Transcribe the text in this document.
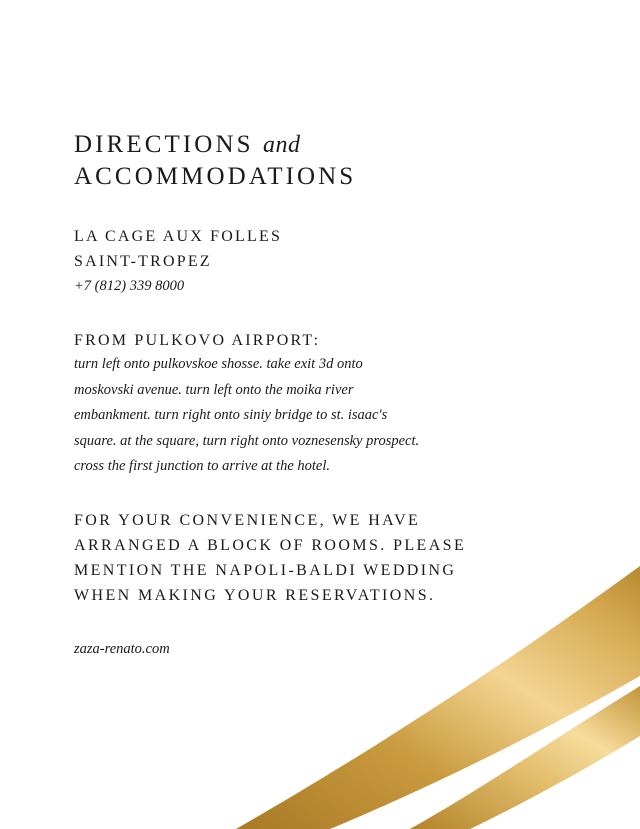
DIRECTIONS and
ACCOMMODATIONS
LA CAGE AUX FOLLES
SAINT-TROPEZ
+7 (812) 339 8000
FROM PULKOVO AIRPORT:
turn left onto pulkovskoe shosse. take exit 3d onto
moskovski avenue. turn left onto the moika river
embankment. turn right onto siniy bridge to st. isaac's
square. at the square, turn right onto voznesensky prospect.
cross the first junction to arrive at the hotel.
FOR YOUR CONVENIENCE, WE HAVE
ARRANGED A BLOCK OF ROOMS. PLEASE
MENTION THE NAPOLI-BALDI WEDDING
WHEN MAKING YOUR RESERVATIONS.
zaza-renato.com
